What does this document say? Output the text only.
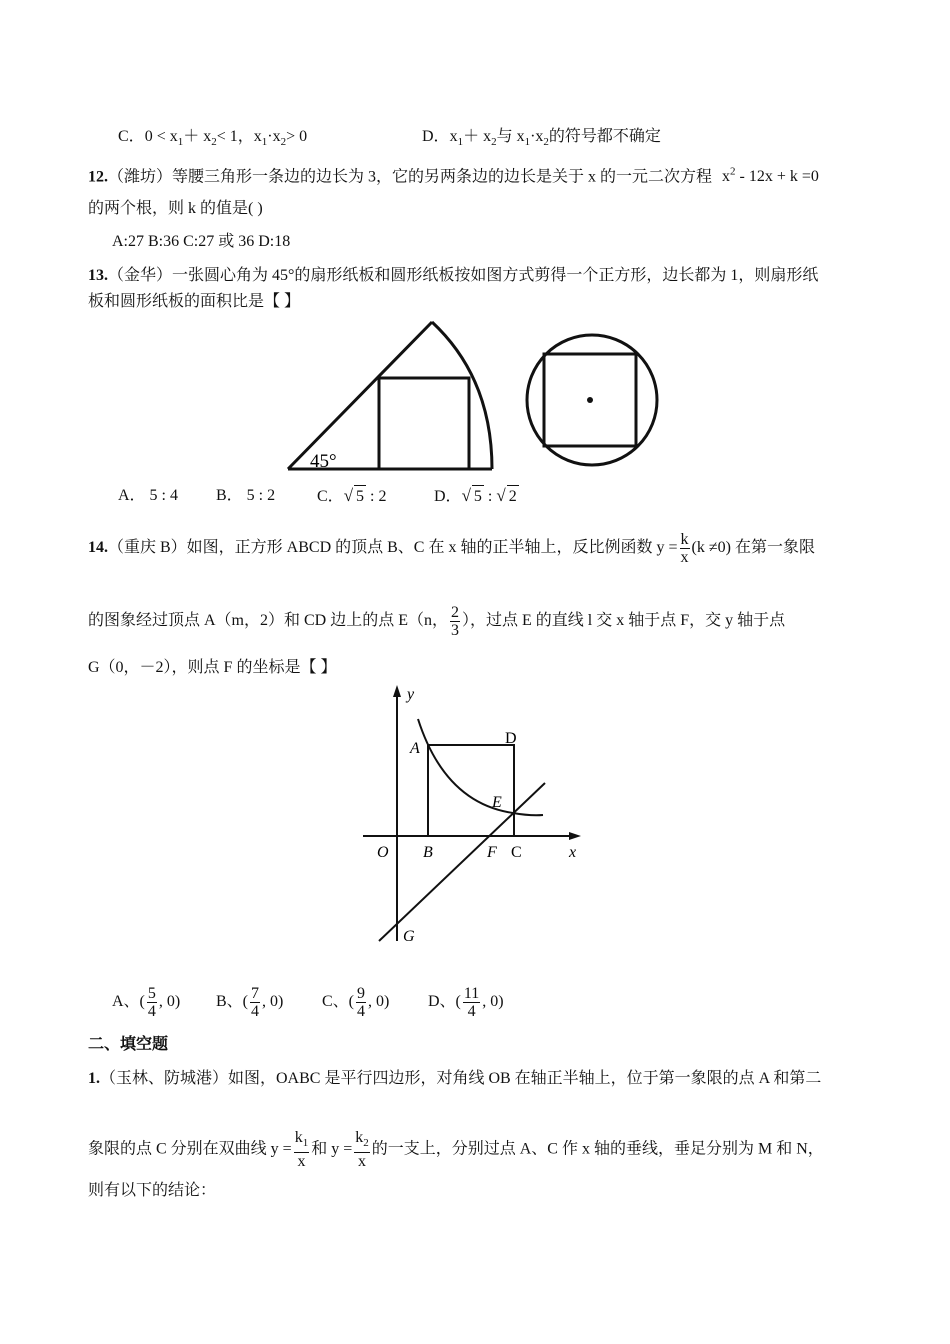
C．$0 < x_1+ x_2< 1$，$x_1\cdot x_2> 0$	D．$x_1+ x_2$与 $x_1\cdot x_2$的符号都不确定
12.（潍坊）等腰三角形一条边的边长为 3，它的另两条边的边长是关于 x 的一元二次方程 $x^2 - 12x + k =0$
的两个根，则 k 的值是( )
A:27 B:36 C:27 或 36 D:18
13.（金华）一张圆心角为 45°的扇形纸板和圆形纸板按如图方式剪得一个正方形，边长都为 1，则扇形纸
板和圆形纸板的面积比是【 】
45°
A． 5 : 4 B． 5 : 2	C．√ 5 : 2	D．√ 5 : √ 2
14.（重庆 B）如图，正方形 ABCD 的顶点 B、C 在 x 轴的正半轴上，反比例函数 $y = \frac{k}{x} (k \ne 0)$ 在第一象限
的图象经过顶点 A（m，2）和 CD 边上的点 E（n， $\frac{2}{3}$ ），过点 E 的直线 l 交 x 轴于点 F，交 y 轴于点
G（0，－2），则点 F 的坐标是【 】
y
x
A
D
E
O B	F C
G
A、( $\frac{5}{4}$ , 0) B、( $\frac{7}{4}$ , 0) C、( $\frac{9}{4}$ , 0) D、( $\frac{11}{4}$ , 0)
二、填空题
1.（玉林、防城港）如图，OABC 是平行四边形，对角线 OB 在轴正半轴上，位于第一象限的点 A 和第二
象限的点 C 分别在双曲线 $y = \frac{k_1}{x}$ 和 $y = \frac{k_2}{x}$ 的一支上，分别过点 A、C 作 x 轴的垂线，垂足分别为 M 和 N，
则有以下的结论：
